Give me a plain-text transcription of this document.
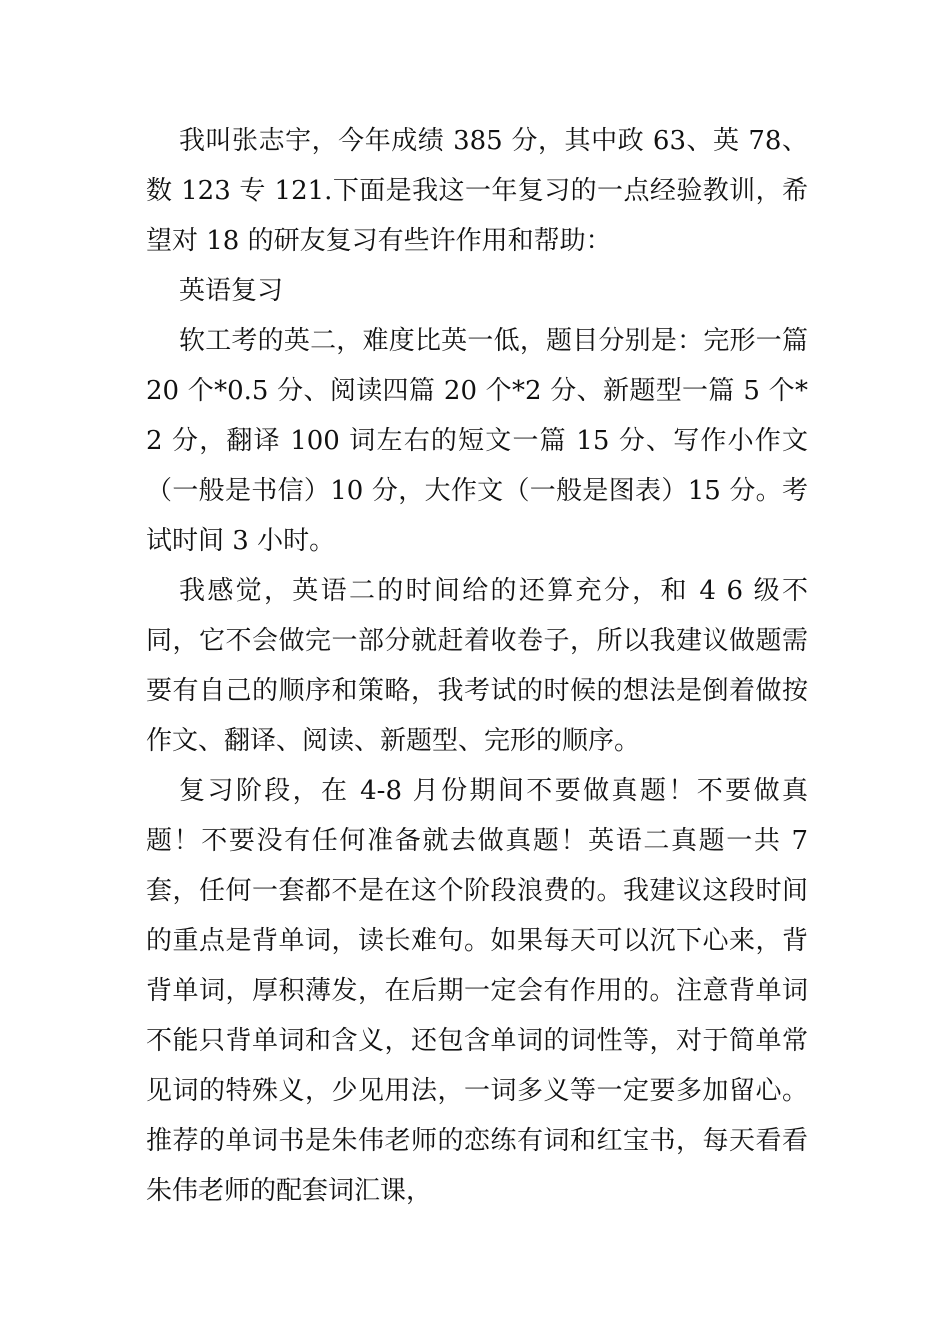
我叫张志宇，今年成绩 385 分，其中政 63、英 78、数 123 专 121.下面是我这一年复习的一点经验教训，希望对 18 的研友复习有些许作用和帮助：

英语复习

软工考的英二，难度比英一低，题目分别是：完形一篇 20 个*0.5 分、阅读四篇 20 个*2 分、新题型一篇 5 个*2 分，翻译 100 词左右的短文一篇 15 分、写作小作文（一般是书信）10 分，大作文（一般是图表）15 分。考试时间 3 小时。

我感觉，英语二的时间给的还算充分，和 4 6 级不同，它不会做完一部分就赶着收卷子，所以我建议做题需要有自己的顺序和策略，我考试的时候的想法是倒着做按作文、翻译、阅读、新题型、完形的顺序。

复习阶段，在 4-8 月份期间不要做真题！不要做真题！不要没有任何准备就去做真题！英语二真题一共 7 套，任何一套都不是在这个阶段浪费的。我建议这段时间的重点是背单词，读长难句。如果每天可以沉下心来，背背单词，厚积薄发，在后期一定会有作用的。注意背单词不能只背单词和含义，还包含单词的词性等，对于简单常见词的特殊义，少见用法，一词多义等一定要多加留心。推荐的单词书是朱伟老师的恋练有词和红宝书，每天看看朱伟老师的配套词汇课，
